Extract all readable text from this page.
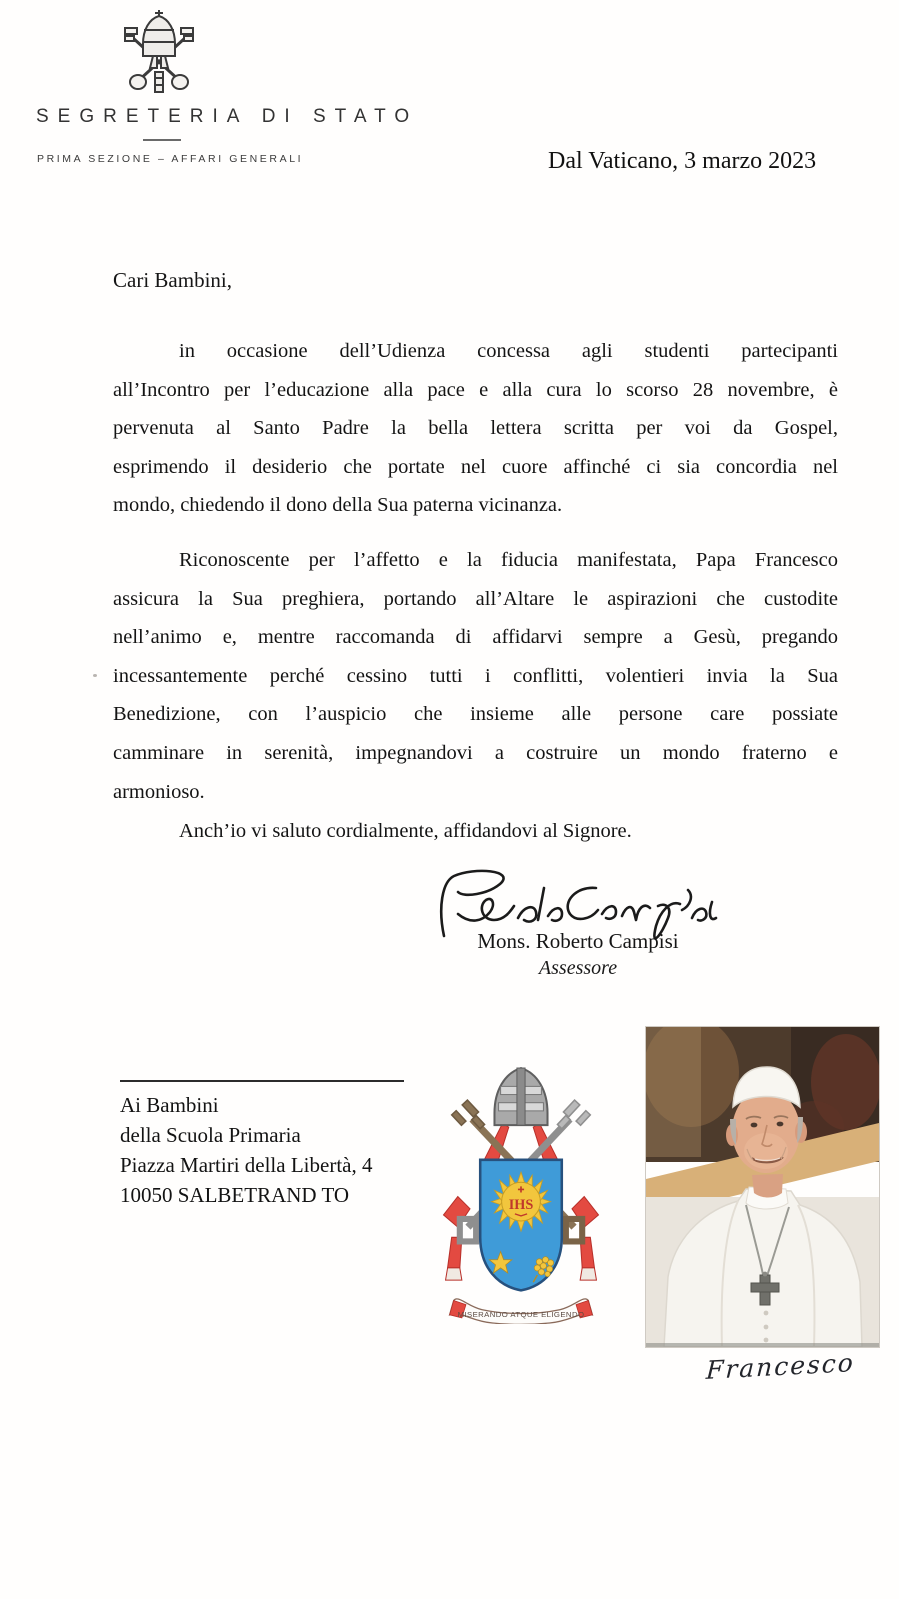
SEGRETERIA DI STATO
PRIMA SEZIONE – AFFARI GENERALI	Dal Vaticano, 3 marzo 2023
Cari Bambini,
in occasione dell’Udienza concessa agli studenti partecipanti
all’Incontro per l’educazione alla pace e alla cura lo scorso 28 novembre, è
pervenuta al Santo Padre la bella lettera scritta per voi da Gospel,
esprimendo il desiderio che portate nel cuore affinché ci sia concordia nel
mondo, chiedendo il dono della Sua paterna vicinanza.
Riconoscente per l’affetto e la fiducia manifestata, Papa Francesco
assicura la Sua preghiera, portando all’Altare le aspirazioni che custodite
nell’animo e, mentre raccomanda di affidarvi sempre a Gesù, pregando
incessantemente perché cessino tutti i conflitti, volentieri invia la Sua
Benedizione, con l’auspicio che insieme alle persone care possiate
camminare in serenità, impegnandovi a costruire un mondo fraterno e
armonioso.
Anch’io vi saluto cordialmente, affidandovi al Signore.
Mons. Roberto Campisi
Assessore
Ai Bambini
della Scuola Primaria
Piazza Martiri della Libertà, 4
10050 SALBETRAND TO	IHS
MISERANDO ATQUE ELIGENDO
Francesco
